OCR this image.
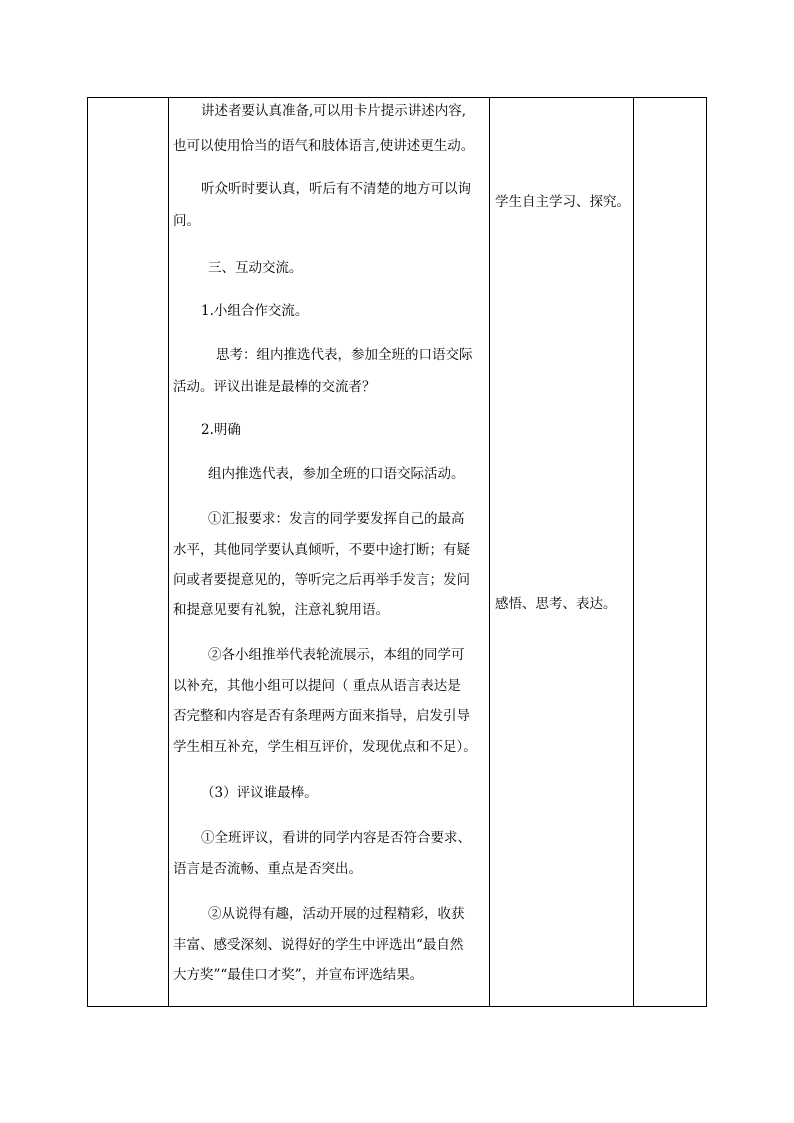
讲述者要认真准备,可以用卡片提示讲述内容,
也可以使用恰当的语气和肢体语言,使讲述更生动。
听众听时要认真，听后有不清楚的地方可以询
问。
三、互动交流。
1.小组合作交流。
思考：组内推选代表，参加全班的口语交际
活动。评议出谁是最棒的交流者？
2.明确
组内推选代表，参加全班的口语交际活动。
①汇报要求：发言的同学要发挥自己的最高
水平，其他同学要认真倾听，不要中途打断；有疑
问或者要提意见的，等听完之后再举手发言；发问
和提意见要有礼貌，注意礼貌用语。
②各小组推举代表轮流展示，本组的同学可
以补充，其他小组可以提问（ 重点从语言表达是
否完整和内容是否有条理两方面来指导，启发引导
学生相互补充，学生相互评价，发现优点和不足）。
（3）评议谁最棒。
①全班评议，看讲的同学内容是否符合要求、
语言是否流畅、重点是否突出。
②从说得有趣，活动开展的过程精彩，收获
丰富、感受深刻、说得好的学生中评选出“最自然
大方奖”“最佳口才奖”，并宣布评选结果。
学生自主学习、探究。
感悟、思考、表达。
